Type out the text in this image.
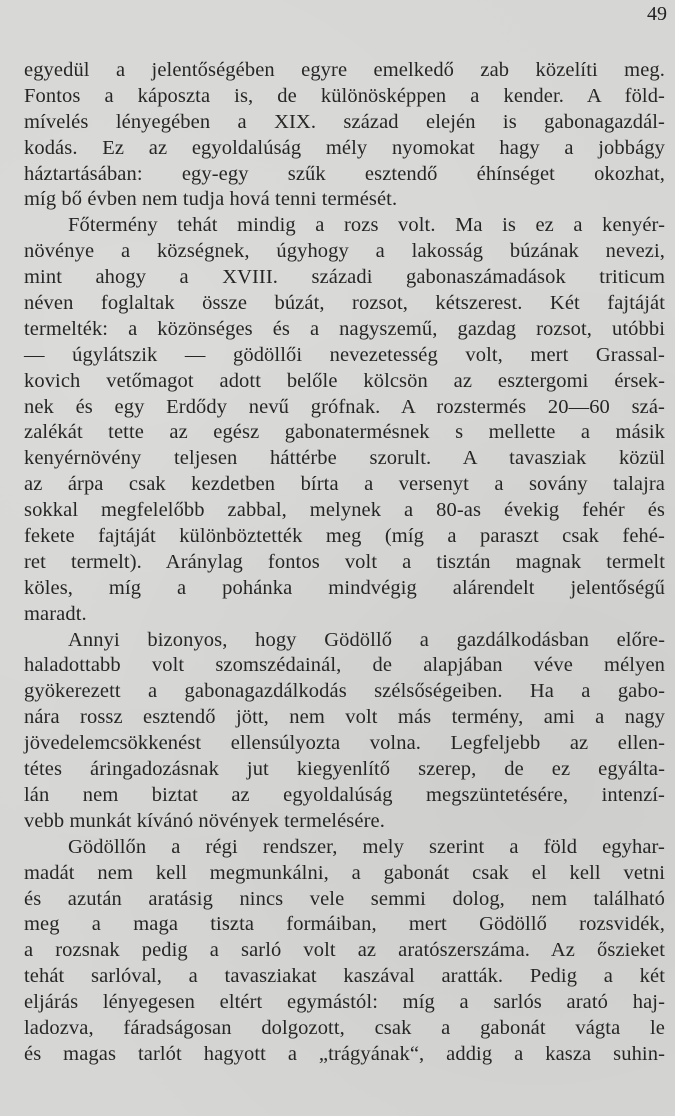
49
egyedül a jelentőségében egyre emelkedő zab közelíti meg.
Fontos a káposzta is, de különösképpen a kender. A föld-
mívelés lényegében a XIX. század elején is gabonagazdál-
kodás. Ez az egyoldalúság mély nyomokat hagy a jobbágy
háztartásában: egy-egy szűk esztendő éhínséget okozhat,
míg bő évben nem tudja hová tenni termését.
Főtermény tehát mindig a rozs volt. Ma is ez a kenyér-
növénye a községnek, úgyhogy a lakosság búzának nevezi,
mint ahogy a XVIII. századi gabonaszámadások triticum
néven foglaltak össze búzát, rozsot, kétszerest. Két fajtáját
termelték: a közönséges és a nagyszemű, gazdag rozsot, utóbbi
— úgylátszik — gödöllői nevezetesség volt, mert Grassal-
kovich vetőmagot adott belőle kölcsön az esztergomi érsek-
nek és egy Erdődy nevű grófnak. A rozstermés 20—60 szá-
zalékát tette az egész gabonatermésnek s mellette a másik
kenyérnövény teljesen háttérbe szorult. A tavasziak közül
az árpa csak kezdetben bírta a versenyt a sovány talajra
sokkal megfelelőbb zabbal, melynek a 80-as évekig fehér és
fekete fajtáját különböztették meg (míg a paraszt csak fehé-
ret termelt). Aránylag fontos volt a tisztán magnak termelt
köles, míg a pohánka mindvégig alárendelt jelentőségű
maradt.
Annyi bizonyos, hogy Gödöllő a gazdálkodásban előre-
haladottabb volt szomszédainál, de alapjában véve mélyen
gyökerezett a gabonagazdálkodás szélsőségeiben. Ha a gabo-
nára rossz esztendő jött, nem volt más termény, ami a nagy
jövedelemcsökkenést ellensúlyozta volna. Legfeljebb az ellen-
tétes áringadozásnak jut kiegyenlítő szerep, de ez egyálta-
lán nem biztat az egyoldalúság megszüntetésére, intenzí-
vebb munkát kívánó növények termelésére.
Gödöllőn a régi rendszer, mely szerint a föld egyhar-
madát nem kell megmunkálni, a gabonát csak el kell vetni
és azután aratásig nincs vele semmi dolog, nem található
meg a maga tiszta formáiban, mert Gödöllő rozsvidék,
a rozsnak pedig a sarló volt az aratószerszáma. Az őszieket
tehát sarlóval, a tavasziakat kaszával aratták. Pedig a két
eljárás lényegesen eltért egymástól: míg a sarlós arató haj-
ladozva, fáradságosan dolgozott, csak a gabonát vágta le
és magas tarlót hagyott a „trágyának“, addig a kasza suhin-
